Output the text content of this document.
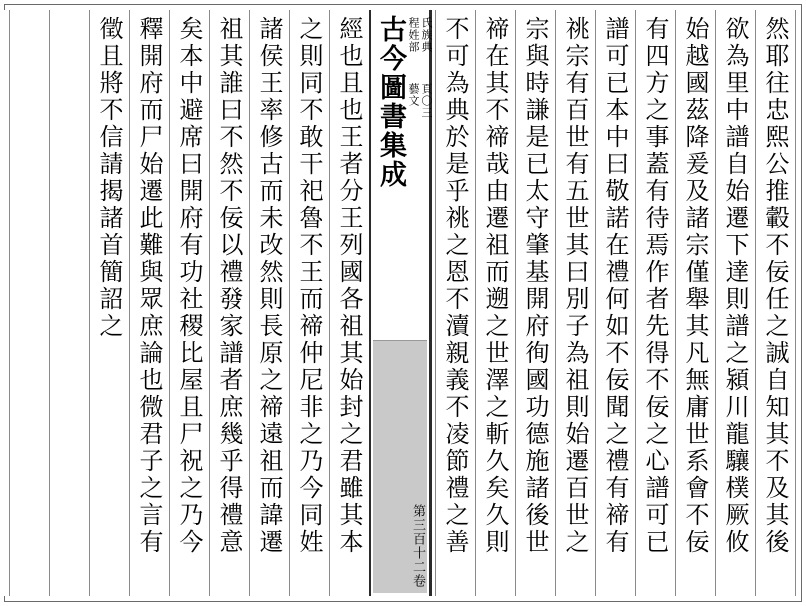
然耶往忠熙公推轂不佞任之誠自知其不及其後
欲為里中譜自始遷下達則譜之潁川龍驤樸厥攸
始越國茲降爰及諸宗僅舉其凡無庸世系會不佞
有四方之事蓋有待焉作者先得不佞之心譜可已
譜可已本中曰敬諾在禮何如不佞聞之禮有禘有
祧宗有百世有五世其曰別子為祖則始遷百世之
宗與時謙是已太守肇基開府徇國功德施諸後世
禘在其不禘哉由遷祖而遡之世澤之斬久矣久則
不可為典於是乎祧之恩不瀆親義不凌節禮之善
古今圖書集成 程姓部 氏族典
藝文 頁〇三
第三百十二卷
經也且也王者分王列國各祖其始封之君雖其本
之則同不敢干祀魯不王而禘仲尼非之乃今同姓
諸侯王率修古而未改然則長原之禘遠祖而諱遷
祖其誰曰不然不佞以禮發家譜者庶幾乎得禮意
矣本中避席曰開府有功社稷比屋且尸祝之乃今
釋開府而尸始遷此難與眾庶論也微君子之言有
徵且將不信請揭諸首簡詔之
